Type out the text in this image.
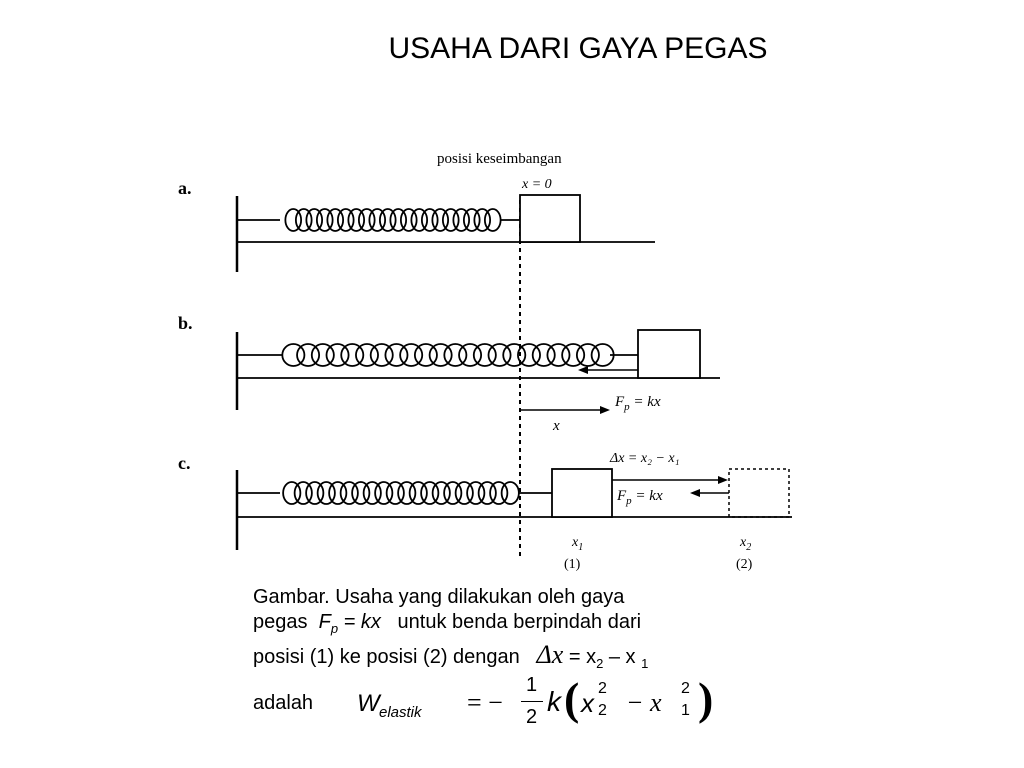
USAHA DARI GAYA PEGAS
posisi keseimbangan
x = 0
a.
b.
c.
$F_p$ = kx
x
Δx = x₂ − x₁
$F_p$ = kx
$x_1$
(1)
$x_2$
(2)
Gambar. Usaha yang dilakukan oleh gaya
pegas $F_p$ = kx untuk benda berpindah dari
posisi (1) ke posisi (2) dengan $\Delta x = x_2 - x$ $_1$
adalah W elastik = −
1
2 k ( x 2
2 − x 2
1 )
